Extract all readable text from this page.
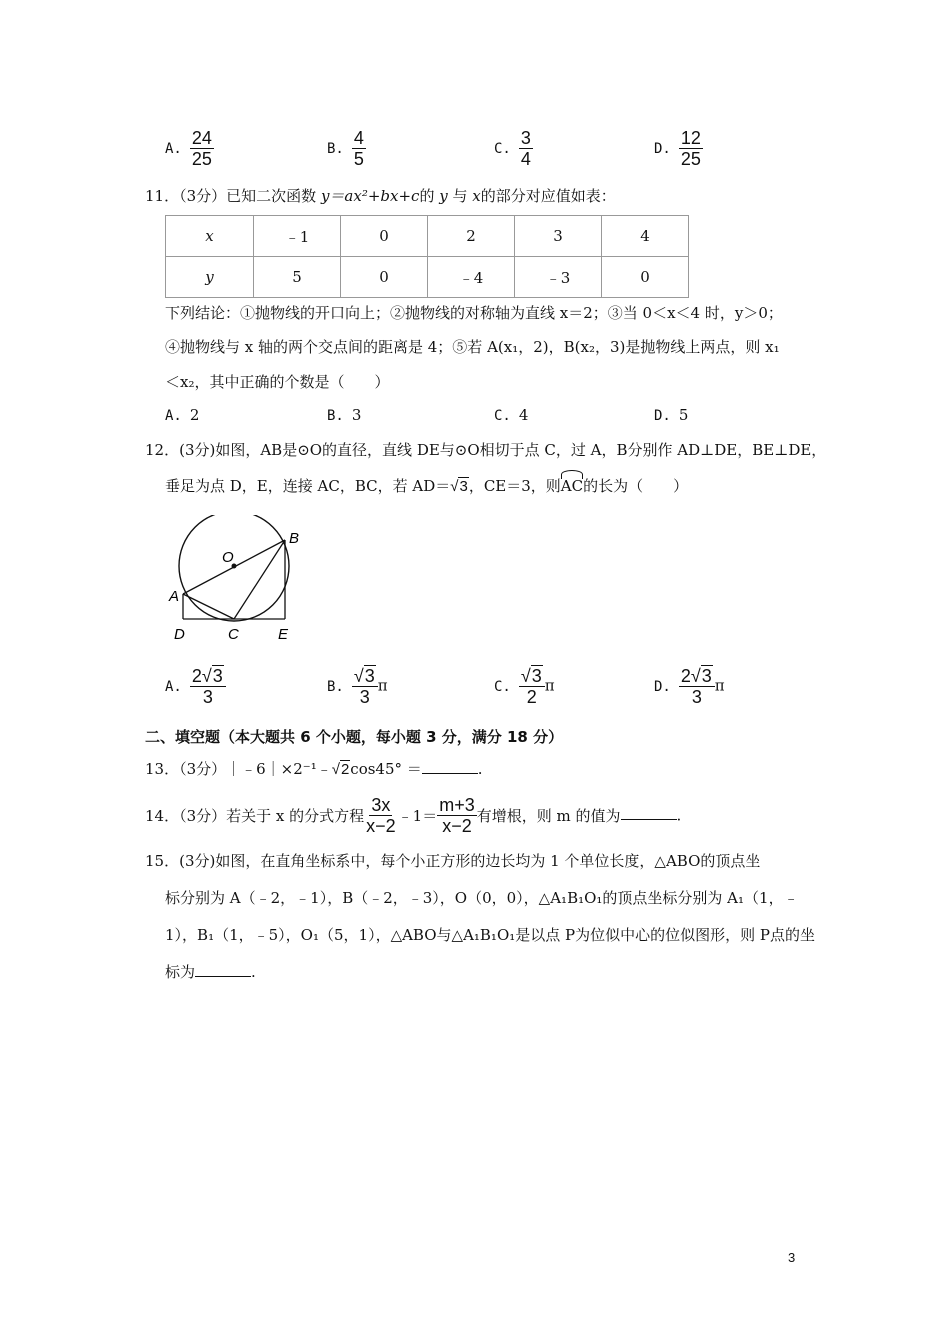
A. $\frac{24}{25}$	B. $\frac{4}{5}$	C. $\frac{3}{4}$	D. $\frac{12}{25}$
11．（3分）已知二次函数 y＝ax²+bx+c的 y 与 x的部分对应值如表：
x	﹣1	0	2	3	4
y	5	0	﹣4	﹣3	0
下列结论：①抛物线的开口向上；②抛物线的对称轴为直线 x＝2；③当 0＜x＜4 时，y＞0；
④抛物线与 x 轴的两个交点间的距离是 4；⑤若 A(x₁，2)，B(x₂，3)是抛物线上两点，则 x₁
＜x₂，其中正确的个数是（　　）
A. 2	B. 3	C. 4	D. 5
12．(3分)如图，AB是⊙O的直径，直线 DE与⊙O相切于点 C，过 A，B分别作 AD⊥DE，BE⊥DE，
垂足为点 D，E，连接 AC，BC，若 AD＝√3，CE＝3，则
AC的长为（　　）
O
B
A
D	C	E
A. $\frac{2√3}{3}$	B. $\frac{√3}{3}$ π	C. $\frac{√3}{2}$ π	D. $\frac{2√3}{3}$ π
二、填空题（本大题共 6 个小题，每小题 3 分，满分 18 分）
13．（3分）｜﹣6｜×2⁻¹﹣√2cos45° ＝	.
14．（3分）若关于 x 的分式方程 $\frac{3x}{x-2}$ ﹣1＝ $\frac{m+3}{x-2}$ 有增根，则 m 的值为	.
15．(3分)如图，在直角坐标系中，每个小正方形的边长均为 1 个单位长度，△ABO的顶点坐
标分别为 A（﹣2，﹣1），B（﹣2，﹣3），O（0，0），△A₁B₁O₁的顶点坐标分别为 A₁（1，﹣
1），B₁（1，﹣5），O₁（5，1），△ABO与△A₁B₁O₁是以点 P为位似中心的位似图形，则 P点的坐
标为	.
3
